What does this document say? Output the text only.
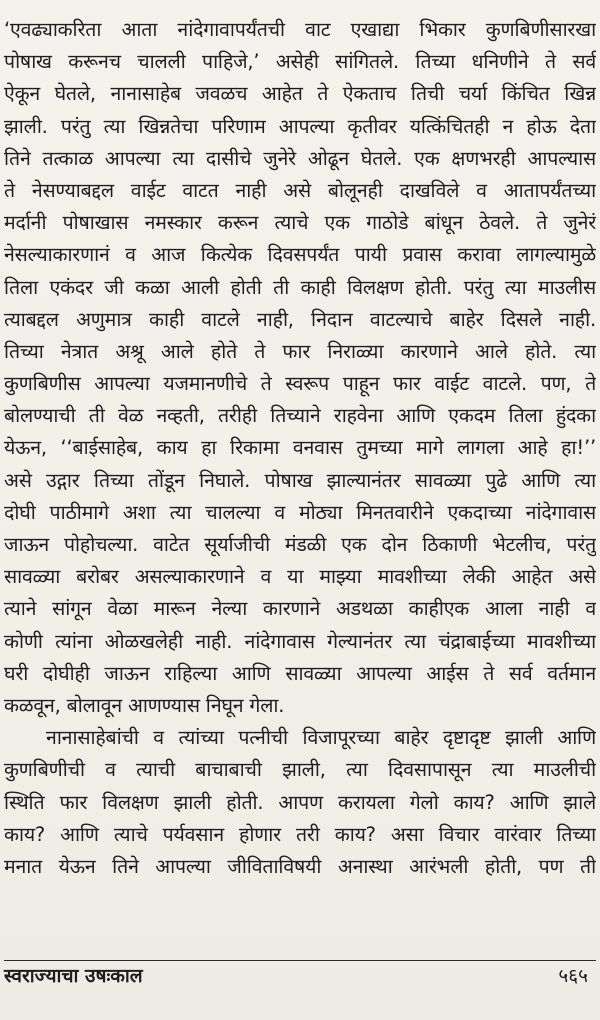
‘एवढ्याकरिता आता नांदेगावापर्यंतची वाट एखाद्या भिकार कुणबिणीसारखा
पोषाख करूनच चालली पाहिजे,’ असेही सांगितले. तिच्या धनिणीने ते सर्व
ऐकून घेतले, नानासाहेब जवळच आहेत ते ऐकताच तिची चर्या किंचित खिन्न
झाली. परंतु त्या खिन्नतेचा परिणाम आपल्या कृतीवर यत्किंचितही न होऊ देता
तिने तत्काळ आपल्या त्या दासीचे जुनेरे ओढून घेतले. एक क्षणभरही आपल्यास
ते नेसण्याबद्दल वाईट वाटत नाही असे बोलूनही दाखविले व आतापर्यंतच्या
मर्दानी पोषाखास नमस्कार करून त्याचे एक गाठोडे बांधून ठेवले. ते जुनेरं
नेसल्याकारणानं व आज कित्येक दिवसपर्यंत पायी प्रवास करावा लागल्यामुळे
तिला एकंदर जी कळा आली होती ती काही विलक्षण होती. परंतु त्या माउलीस
त्याबद्दल अणुमात्र काही वाटले नाही, निदान वाटल्याचे बाहेर दिसले नाही.
तिच्या नेत्रात अश्रू आले होते ते फार निराळ्या कारणाने आले होते. त्या
कुणबिणीस आपल्या यजमानणीचे ते स्वरूप पाहून फार वाईट वाटले. पण, ते
बोलण्याची ती वेळ नव्हती, तरीही तिच्याने राहवेना आणि एकदम तिला हुंदका
येऊन, ‘‘बाईसाहेब, काय हा रिकामा वनवास तुमच्या मागे लागला आहे हा!’’
असे उद्गार तिच्या तोंडून निघाले. पोषाख झाल्यानंतर सावळ्या पुढे आणि त्या
दोघी पाठीमागे अशा त्या चालल्या व मोठ्या मिनतवारीने एकदाच्या नांदेगावास
जाऊन पोहोचल्या. वाटेत सूर्याजीची मंडळी एक दोन ठिकाणी भेटलीच, परंतु
सावळ्या बरोबर असल्याकारणाने व या माझ्या मावशीच्या लेकी आहेत असे
त्याने सांगून वेळा मारून नेल्या कारणाने अडथळा काहीएक आला नाही व
कोणी त्यांना ओळखलेही नाही. नांदेगावास गेल्यानंतर त्या चंद्राबाईच्या मावशीच्या
घरी दोघीही जाऊन राहिल्या आणि सावळ्या आपल्या आईस ते सर्व वर्तमान
कळवून, बोलावून आणण्यास निघून गेला.
नानासाहेबांची व त्यांच्या पत्नीची विजापूरच्या बाहेर दृष्टादृष्ट झाली आणि
कुणबिणीची व त्याची बाचाबाची झाली, त्या दिवसापासून त्या माउलीची
स्थिति फार विलक्षण झाली होती. आपण करायला गेलो काय? आणि झाले
काय? आणि त्याचे पर्यवसान होणार तरी काय? असा विचार वारंवार तिच्या
मनात येऊन तिने आपल्या जीविताविषयी अनास्था आरंभली होती, पण ती
स्वराज्याचा उषःकाल	५६५
